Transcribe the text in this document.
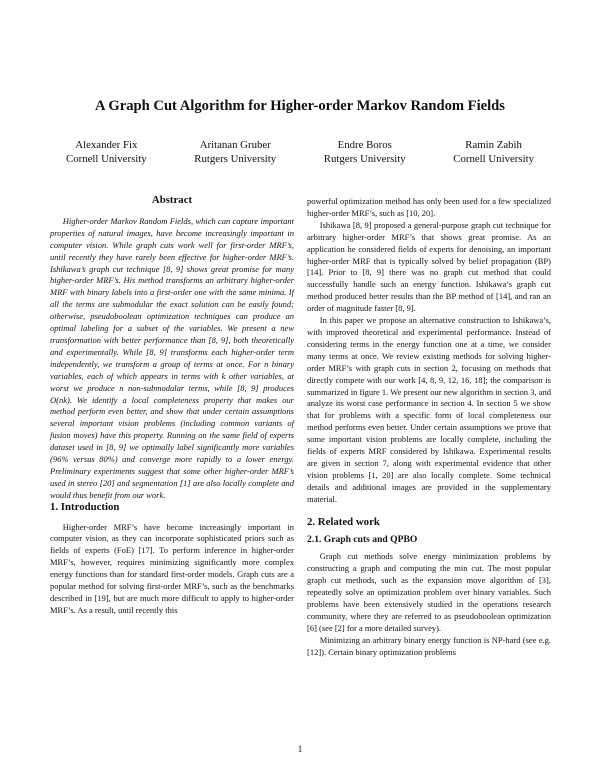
A Graph Cut Algorithm for Higher-order Markov Random Fields
Alexander Fix
Cornell University
Aritanan Gruber
Rutgers University
Endre Boros
Rutgers University
Ramin Zabih
Cornell University
Abstract

Higher-order Markov Random Fields, which can capture important properties of natural images, have become increasingly important in computer vision. While graph cuts work well for first-order MRF’s, until recently they have rarely been effective for higher-order MRF’s. Ishikawa’s graph cut technique [8, 9] shows great promise for many higher-order MRF’s. His method transforms an arbitrary higher-order MRF with binary labels into a first-order one with the same minima. If all the terms are submodular the exact solution can be easily found; otherwise, pseudoboolean optimization techniques can produce an optimal labeling for a subset of the variables. We present a new transformation with better performance than [8, 9], both theoretically and experimentally. While [8, 9] transforms each higher-order term independently, we transform a group of terms at once. For n binary variables, each of which appears in terms with k other variables, at worst we produce n non-submodular terms, while [8, 9] produces O(nk). We identify a local completeness property that makes our method perform even better, and show that under certain assumptions several important vision problems (including common variants of fusion moves) have this property. Running on the same field of experts dataset used in [8, 9] we optimally label significantly more variables (96% versus 80%) and converge more rapidly to a lower energy. Preliminary experiments suggest that some other higher-order MRF’s used in stereo [20] and segmentation [1] are also locally complete and would thus benefit from our work.

1. Introduction

Higher-order MRF’s have become increasingly important in computer vision, as they can incorporate sophisticated priors such as fields of experts (FoE) [17]. To perform inference in higher-order MRF’s, however, requires minimizing significantly more complex energy functions than for standard first-order models. Graph cuts are a popular method for solving first-order MRF’s, such as the benchmarks described in [19], but are much more difficult to apply to higher-order MRF’s. As a result, until recently this

powerful optimization method has only been used for a few specialized higher-order MRF’s, such as [10, 20].

Ishikawa [8, 9] proposed a general-purpose graph cut technique for arbitrary higher-order MRF’s that shows great promise. As an application he considered fields of experts for denoising, an important higher-order MRF that is typically solved by belief propagation (BP) [14]. Prior to [8, 9] there was no graph cut method that could successfully handle such an energy function. Ishikawa’s graph cut method produced better results than the BP method of [14], and ran an order of magnitude faster [8, 9].

In this paper we propose an alternative construction to Ishikawa’s, with improved theoretical and experimental performance. Instead of considering terms in the energy function one at a time, we consider many terms at once. We review existing methods for solving higher-order MRF’s with graph cuts in section 2, focusing on methods that directly compete with our work [4, 8, 9, 12, 16, 18]; the comparison is summarized in figure 1. We present our new algorithm in section 3, and analyze its worst case performance in section 4. In section 5 we show that for problems with a specific form of local completeness our method performs even better. Under certain assumptions we prove that some important vision problems are locally complete, including the fields of experts MRF considered by Ishikawa. Experimental results are given in section 7, along with experimental evidence that other vision problems [1, 20] are also locally complete. Some technical details and additional images are provided in the supplementary material.

2. Related work
2.1. Graph cuts and QPBO

Graph cut methods solve energy minimization problems by constructing a graph and computing the min cut. The most popular graph cut methods, such as the expansion move algorithm of [3], repeatedly solve an optimization problem over binary variables. Such problems have been extensively studied in the operations research community, where they are referred to as pseudoboolean optimization [6] (see [2] for a more detailed survey).

Minimizing an arbitrary binary energy function is NP-hard (see e.g. [12]). Certain binary optimization problems

1
